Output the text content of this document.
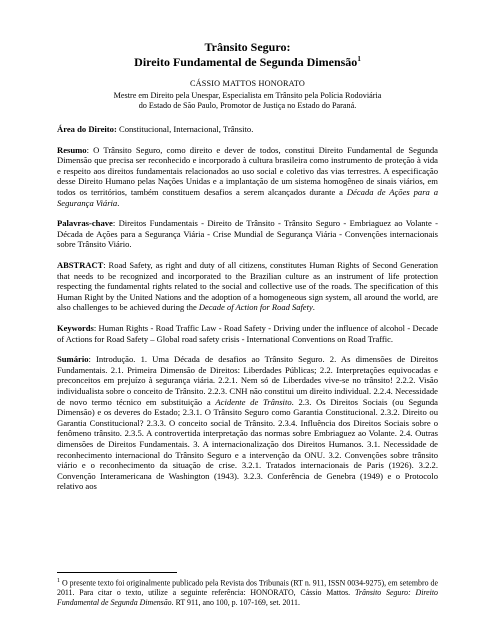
Trânsito Seguro:
Direito Fundamental de Segunda Dimensão$^1$
CÁSSIO MATTOS HONORATO
Mestre em Direito pela Unespar, Especialista em Trânsito pela Polícia Rodoviária
do Estado de São Paulo, Promotor de Justiça no Estado do Paraná.

Área do Direito: Constitucional, Internacional, Trânsito.

Resumo: O Trânsito Seguro, como direito e dever de todos, constitui Direito Fundamental de Segunda Dimensão que precisa ser reconhecido e incorporado à cultura brasileira como instrumento de proteção à vida e respeito aos direitos fundamentais relacionados ao uso social e coletivo das vias terrestres. A especificação desse Direito Humano pelas Nações Unidas e a implantação de um sistema homogêneo de sinais viários, em todos os territórios, também constituem desafios a serem alcançados durante a Década de Ações para a Segurança Viária.

Palavras-chave: Direitos Fundamentais - Direito de Trânsito - Trânsito Seguro - Embriaguez ao Volante - Década de Ações para a Segurança Viária - Crise Mundial de Segurança Viária - Convenções internacionais sobre Trânsito Viário.

ABSTRACT: Road Safety, as right and duty of all citizens, constitutes Human Rights of Second Generation that needs to be recognized and incorporated to the Brazilian culture as an instrument of life protection respecting the fundamental rights related to the social and collective use of the roads. The specification of this Human Right by the United Nations and the adoption of a homogeneous sign system, all around the world, are also challenges to be achieved during the Decade of Action for Road Safety.

Keywords: Human Rights - Road Traffic Law - Road Safety - Driving under the influence of alcohol - Decade of Actions for Road Safety – Global road safety crisis - International Conventions on Road Traffic.

Sumário: Introdução. 1. Uma Década de desafios ao Trânsito Seguro. 2. As dimensões de Direitos Fundamentais. 2.1. Primeira Dimensão de Direitos: Liberdades Públicas; 2.2. Interpretações equivocadas e preconceitos em prejuízo à segurança viária. 2.2.1. Nem só de Liberdades vive-se no trânsito! 2.2.2. Visão individualista sobre o conceito de Trânsito. 2.2.3. CNH não constitui um direito individual. 2.2.4. Necessidade de novo termo técnico em substituição a Acidente de Trânsito. 2.3. Os Direitos Sociais (ou Segunda Dimensão) e os deveres do Estado; 2.3.1. O Trânsito Seguro como Garantia Constitucional. 2.3.2. Direito ou Garantia Constitucional? 2.3.3. O conceito social de Trânsito. 2.3.4. Influência dos Direitos Sociais sobre o fenômeno trânsito. 2.3.5. A controvertida interpretação das normas sobre Embriaguez ao Volante. 2.4. Outras dimensões de Direitos Fundamentais. 3. A internacionalização dos Direitos Humanos. 3.1. Necessidade de reconhecimento internacional do Trânsito Seguro e a intervenção da ONU. 3.2. Convenções sobre trânsito viário e o reconhecimento da situação de crise. 3.2.1. Tratados internacionais de Paris (1926). 3.2.2. Convenção Interamericana de Washington (1943). 3.2.3. Conferência de Genebra (1949) e o Protocolo relativo aos

$^1$ O presente texto foi originalmente publicado pela Revista dos Tribunais (RT n. 911, ISSN 0034-9275), em setembro de 2011. Para citar o texto, utilize a seguinte referência: HONORATO, Cássio Mattos. Trânsito Seguro: Direito Fundamental de Segunda Dimensão. RT 911, ano 100, p. 107-169, set. 2011.
